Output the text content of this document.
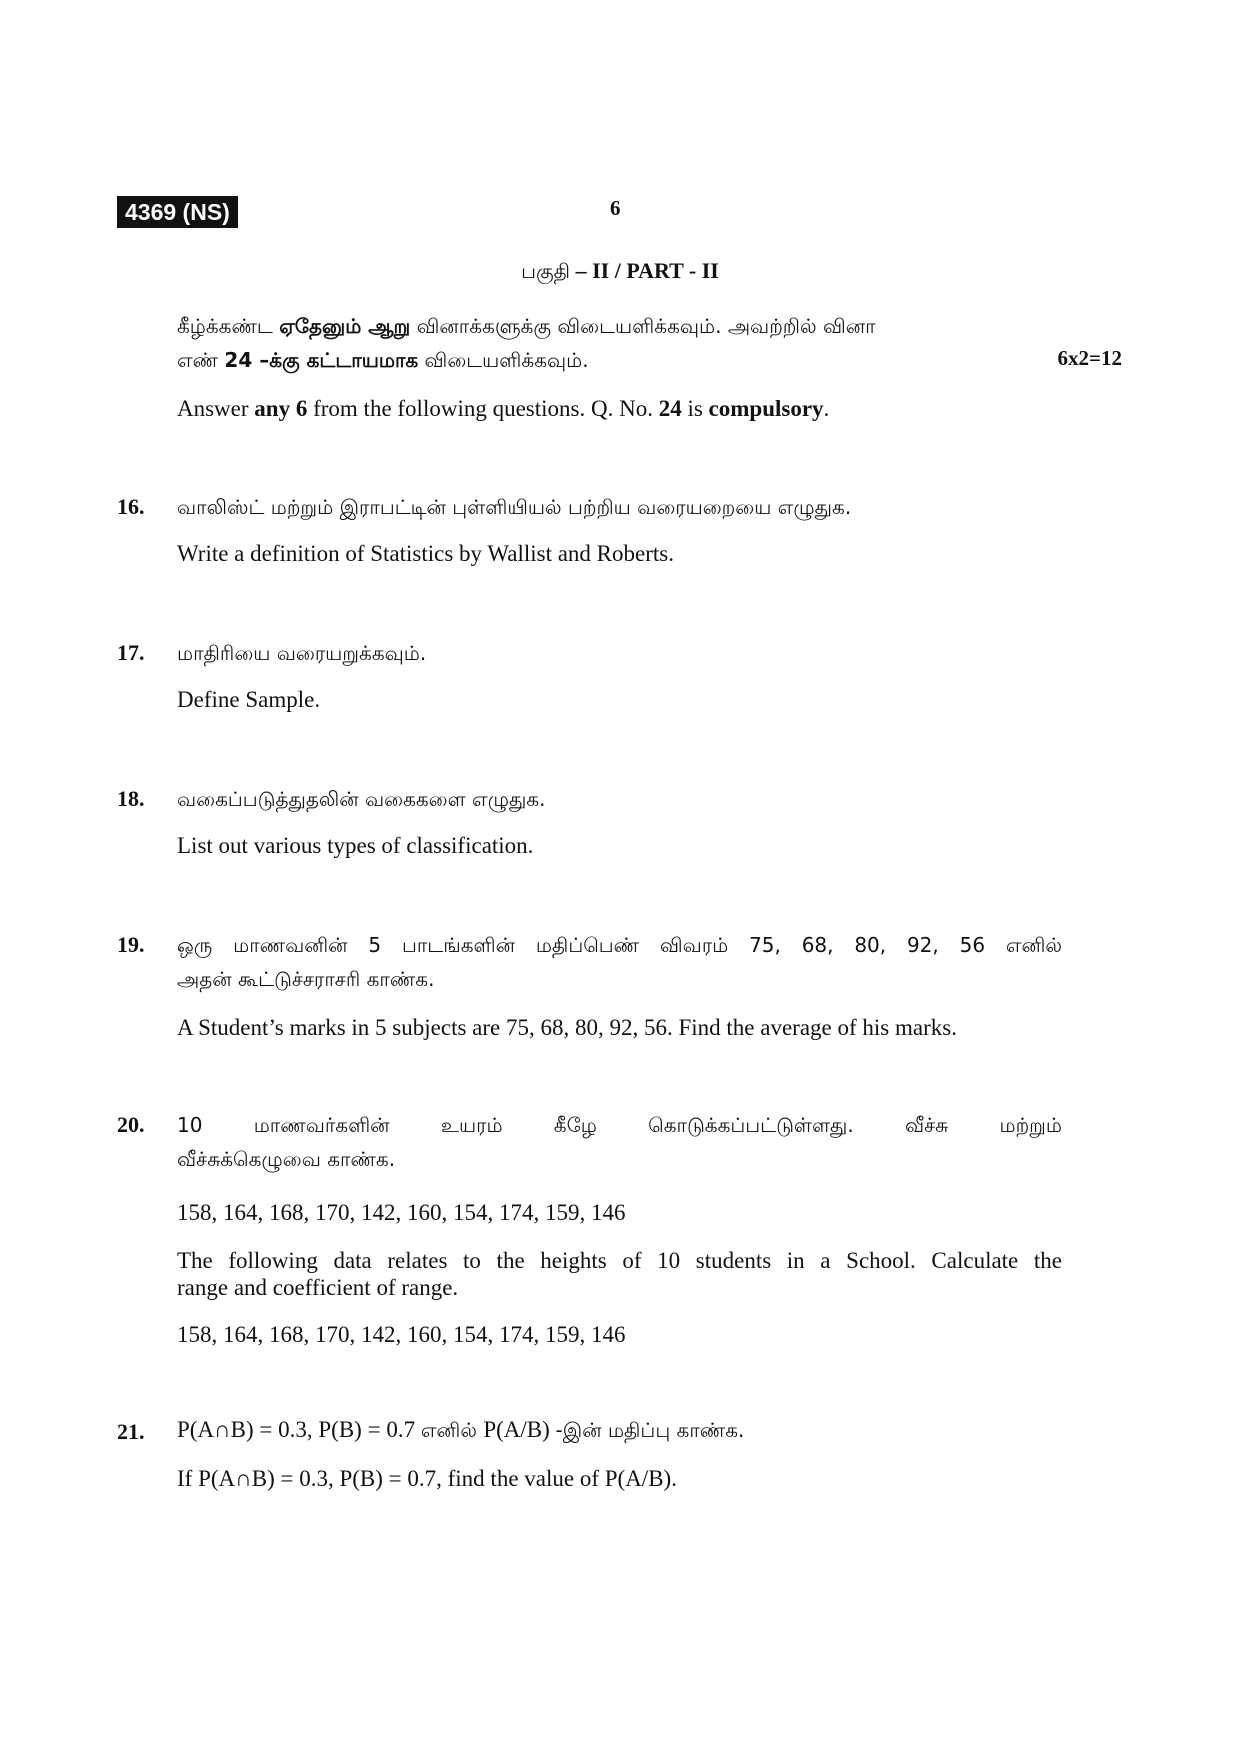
4369 (NS)	6
பகுதி – II / PART - II
கீழ்க்கண்ட ஏதேனும் ஆறு வினாக்களுக்கு விடையளிக்கவும். அவற்றில் வினா
எண் 24 –க்கு கட்டாயமாக விடையளிக்கவும்.	6x2=12
Answer any 6 from the following questions. Q. No. 24 is compulsory.
16. வாலிஸ்ட் மற்றும் இராபட்டின் புள்ளியியல் பற்றிய வரையறையை எழுதுக.
Write a definition of Statistics by Wallist and Roberts.
17. மாதிரியை வரையறுக்கவும்.
Define Sample.
18. வகைப்படுத்துதலின் வகைகளை எழுதுக.
List out various types of classification.
19. ஒரு மாணவனின் 5 பாடங்களின் மதிப்பெண் விவரம் 75, 68, 80, 92, 56 எனில்
அதன் கூட்டுச்சராசரி காண்க.
A Student’s marks in 5 subjects are 75, 68, 80, 92, 56. Find the average of his marks.
20. 10 மாணவர்களின் உயரம் கீழே கொடுக்கப்பட்டுள்ளது. வீச்சு மற்றும்
வீச்சுக்கெழுவை காண்க.
158, 164, 168, 170, 142, 160, 154, 174, 159, 146
The following data relates to the heights of 10 students in a School. Calculate the
range and coefficient of range.
158, 164, 168, 170, 142, 160, 154, 174, 159, 146
21. P(A∩B) = 0.3, P(B) = 0.7 எனில் P(A/B) -இன் மதிப்பு காண்க.
If P(A∩B) = 0.3, P(B) = 0.7, find the value of P(A/B).
